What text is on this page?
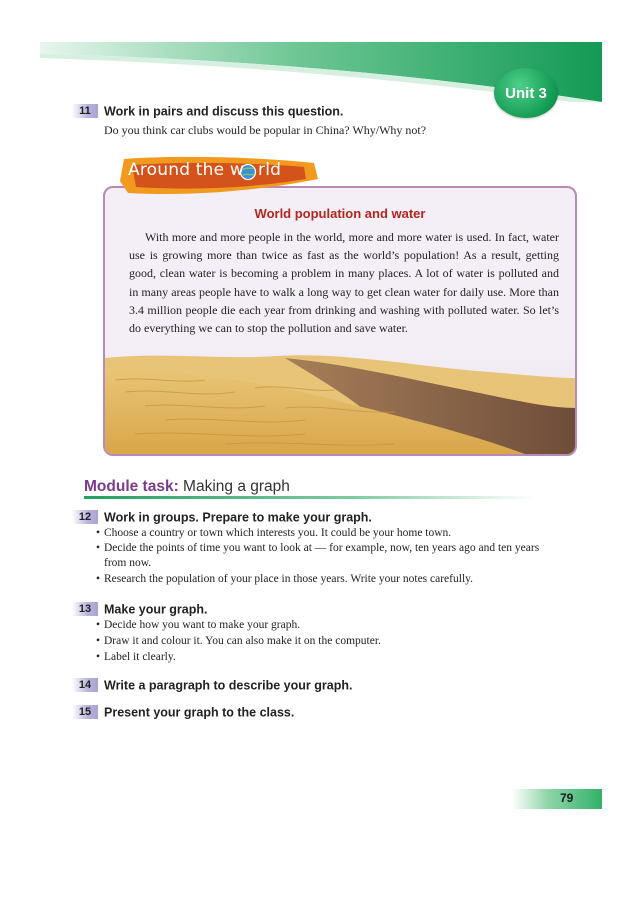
Unit 3
11 Work in pairs and discuss this question.
Do you think car clubs would be popular in China? Why/Why not?
World population and water
With more and more people in the world, more and more water is used. In fact, water use is growing more than twice as fast as the world’s population! As a result, getting good, clean water is becoming a problem in many places. A lot of water is polluted and in many areas people have to walk a long way to get clean water for daily use. More than 3.4 million people die each year from drinking and washing with polluted water. So let’s do everything we can to stop the pollution and save water.
Around the w rld
Module task: Making a graph
12 Work in groups. Prepare to make your graph.
• Choose a country or town which interests you. It could be your home town.
• Decide the points of time you want to look at — for example, now, ten years ago and ten years from now.
• Research the population of your place in those years. Write your notes carefully.
13 Make your graph.
• Decide how you want to make your graph.
• Draw it and colour it. You can also make it on the computer.
• Label it clearly.
14 Write a paragraph to describe your graph.
15 Present your graph to the class.
79
